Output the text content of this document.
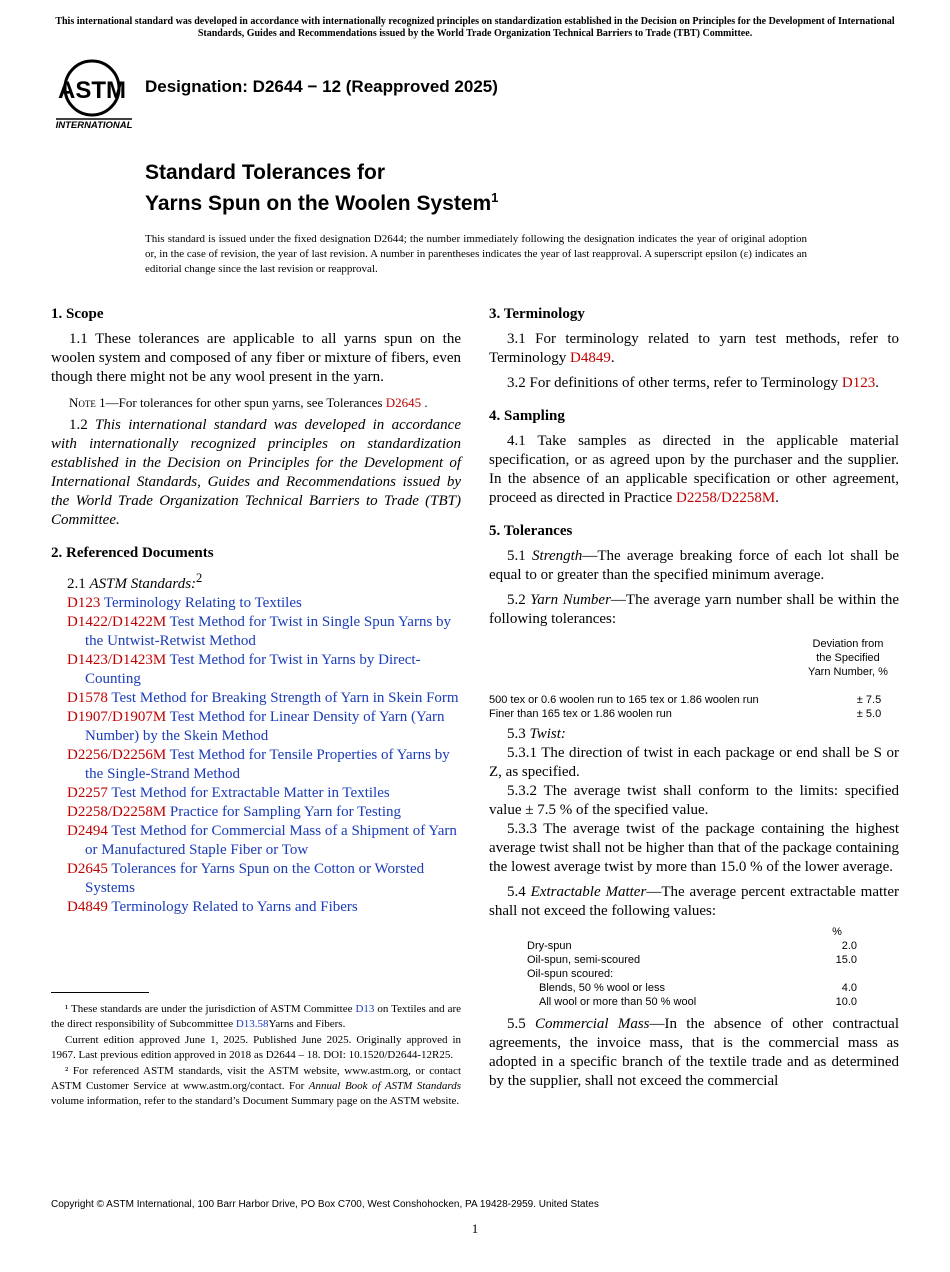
This international standard was developed in accordance with internationally recognized principles on standardization established in the Decision on Principles for the Development of International Standards, Guides and Recommendations issued by the World Trade Organization Technical Barriers to Trade (TBT) Committee.
ASTM
INTERNATIONAL
Designation: D2644 − 12 (Reapproved 2025)
Standard Tolerances for
Yarns Spun on the Woolen System$^1$
This standard is issued under the fixed designation D2644; the number immediately following the designation indicates the year of original adoption or, in the case of revision, the year of last revision. A number in parentheses indicates the year of last reapproval. A superscript epsilon (ε) indicates an editorial change since the last revision or reapproval.
1. Scope

1.1 These tolerances are applicable to all yarns spun on the woolen system and composed of any fiber or mixture of fibers, even though there might not be any wool present in the yarn.

Note 1—For tolerances for other spun yarns, see Tolerances D2645 .

1.2 This international standard was developed in accordance with internationally recognized principles on standardization established in the Decision on Principles for the Development of International Standards, Guides and Recommendations issued by the World Trade Organization Technical Barriers to Trade (TBT) Committee.

2. Referenced Documents
2.1 ASTM Standards:$^2$
D123 Terminology Relating to Textiles
D1422/D1422M Test Method for Twist in Single Spun Yarns by the Untwist-Retwist Method
D1423/D1423M Test Method for Twist in Yarns by Direct-Counting
D1578 Test Method for Breaking Strength of Yarn in Skein Form
D1907/D1907M Test Method for Linear Density of Yarn (Yarn Number) by the Skein Method
D2256/D2256M Test Method for Tensile Properties of Yarns by the Single-Strand Method
D2257 Test Method for Extractable Matter in Textiles
D2258/D2258M Practice for Sampling Yarn for Testing
D2494 Test Method for Commercial Mass of a Shipment of Yarn or Manufactured Staple Fiber or Tow
D2645 Tolerances for Yarns Spun on the Cotton or Worsted Systems
D4849 Terminology Related to Yarns and Fibers

¹ These standards are under the jurisdiction of ASTM Committee D13 on Textiles and are the direct responsibility of Subcommittee D13.58Yarns and Fibers.

Current edition approved June 1, 2025. Published June 2025. Originally approved in 1967. Last previous edition approved in 2018 as D2644 – 18. DOI: 10.1520/D2644-12R25.

² For referenced ASTM standards, visit the ASTM website, www.astm.org, or contact ASTM Customer Service at www.astm.org/contact. For Annual Book of ASTM Standards volume information, refer to the standard’s Document Summary page on the ASTM website.

3. Terminology

3.1 For terminology related to yarn test methods, refer to Terminology D4849.

3.2 For definitions of other terms, refer to Terminology D123.

4. Sampling

4.1 Take samples as directed in the applicable material specification, or as agreed upon by the purchaser and the supplier. In the absence of an applicable specification or other agreement, proceed as directed in Practice D2258/D2258M.

5. Tolerances

5.1 Strength—The average breaking force of each lot shall be equal to or greater than the specified minimum average.

5.2 Yarn Number—The average yarn number shall be within the following tolerances:

Deviation from
the Specified
Yarn Number, %
500 tex or 0.6 woolen run to 165 tex or 1.86 woolen run	± 7.5
Finer than 165 tex or 1.86 woolen run	± 5.0

5.3 Twist:

5.3.1 The direction of twist in each package or end shall be S or Z, as specified.

5.3.2 The average twist shall conform to the limits: specified value ± 7.5 % of the specified value.

5.3.3 The average twist of the package containing the highest average twist shall not be higher than that of the package containing the lowest average twist by more than 15.0 % of the lower average.

5.4 Extractable Matter—The average percent extractable matter shall not exceed the following values:

%
Dry-spun	2.0
Oil-spun, semi-scoured	15.0
Oil-spun scoured:
Blends, 50 % wool or less	4.0
All wool or more than 50 % wool	10.0

5.5 Commercial Mass—In the absence of other contractual agreements, the invoice mass, that is the commercial mass as adopted in a specific branch of the textile trade and as determined by the supplier, shall not exceed the commercial

Copyright © ASTM International, 100 Barr Harbor Drive, PO Box C700, West Conshohocken, PA 19428-2959. United States
1
